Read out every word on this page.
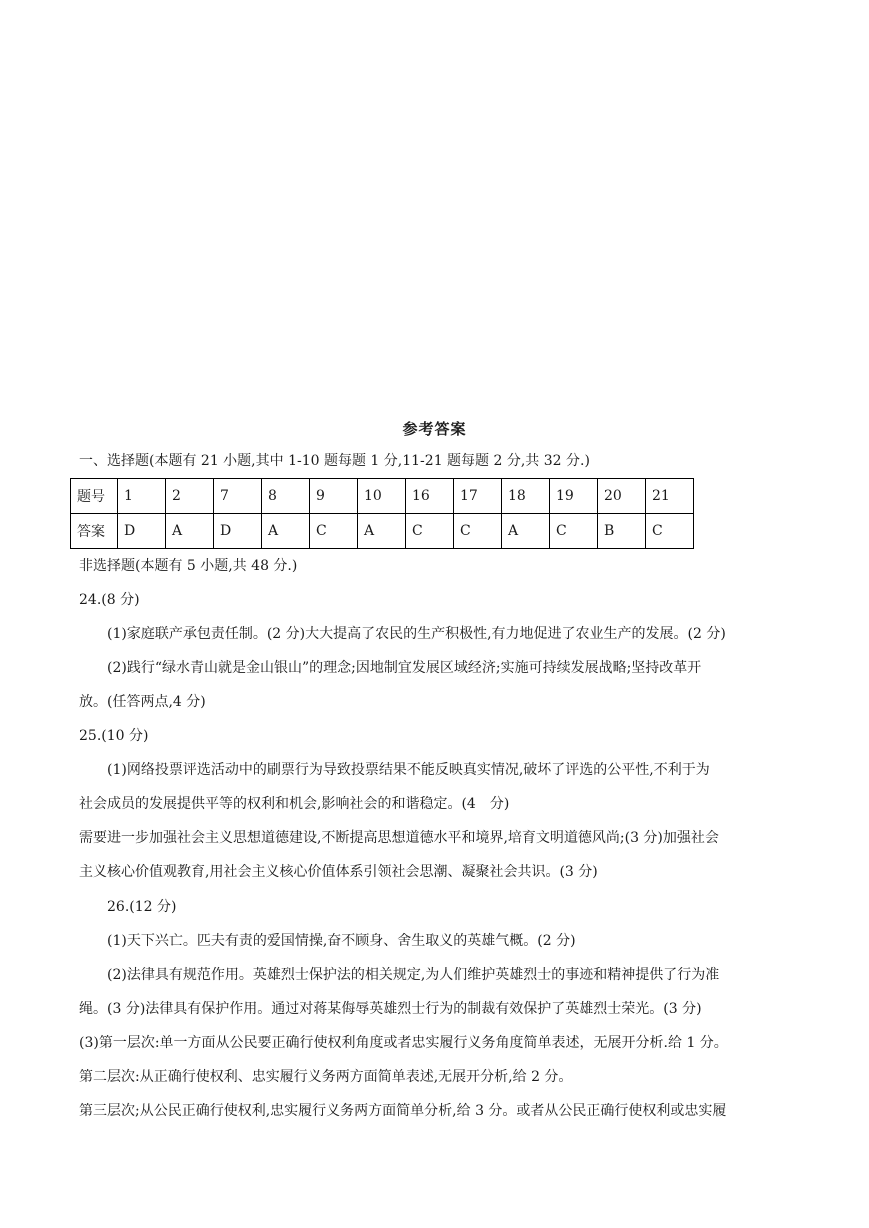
参考答案
一、选择题(本题有 21 小题,其中 1-10 题每题 1 分,11-21 题每题 2 分,共 32 分.)
题号	1	2	7	8	9	10	16	17	18	19	20	21
答案	D	A	D	A	C	A	C	C	A	C	B	C
非选择题(本题有 5 小题,共 48 分.)
24.(8 分)
(1)家庭联产承包责任制。(2 分)大大提高了农民的生产积极性,有力地促进了农业生产的发展。(2 分)
(2)践行“绿水青山就是金山银山”的理念;因地制宜发展区域经济;实施可持续发展战略;坚持改革开
放。(任答两点,4 分)
25.(10 分)
(1)网络投票评选活动中的刷票行为导致投票结果不能反映真实情况,破坏了评选的公平性,不利于为
社会成员的发展提供平等的权利和机会,影响社会的和谐稳定。(4　分)
需要进一步加强社会主义思想道德建设,不断提高思想道德水平和境界,培育文明道德风尚;(3 分)加强社会
主义核心价值观教育,用社会主义核心价值体系引领社会思潮、凝聚社会共识。(3 分)
26.(12 分)
(1)天下兴亡。匹夫有责的爱国情操,奋不顾身、舍生取义的英雄气概。(2 分)
(2)法律具有规范作用。英雄烈士保护法的相关规定,为人们维护英雄烈士的事迹和精神提供了行为准
绳。(3 分)法律具有保护作用。通过对蒋某侮辱英雄烈士行为的制裁有效保护了英雄烈士荣光。(3 分)
(3)第一层次:单一方面从公民要正确行使权利角度或者忠实履行义务角度简单表述，无展开分析.给 1 分。
第二层次:从正确行使权利、忠实履行义务两方面简单表述,无展开分析,给 2 分。
第三层次;从公民正确行使权利,忠实履行义务两方面简单分析,给 3 分。或者从公民正确行使权利或忠实履
